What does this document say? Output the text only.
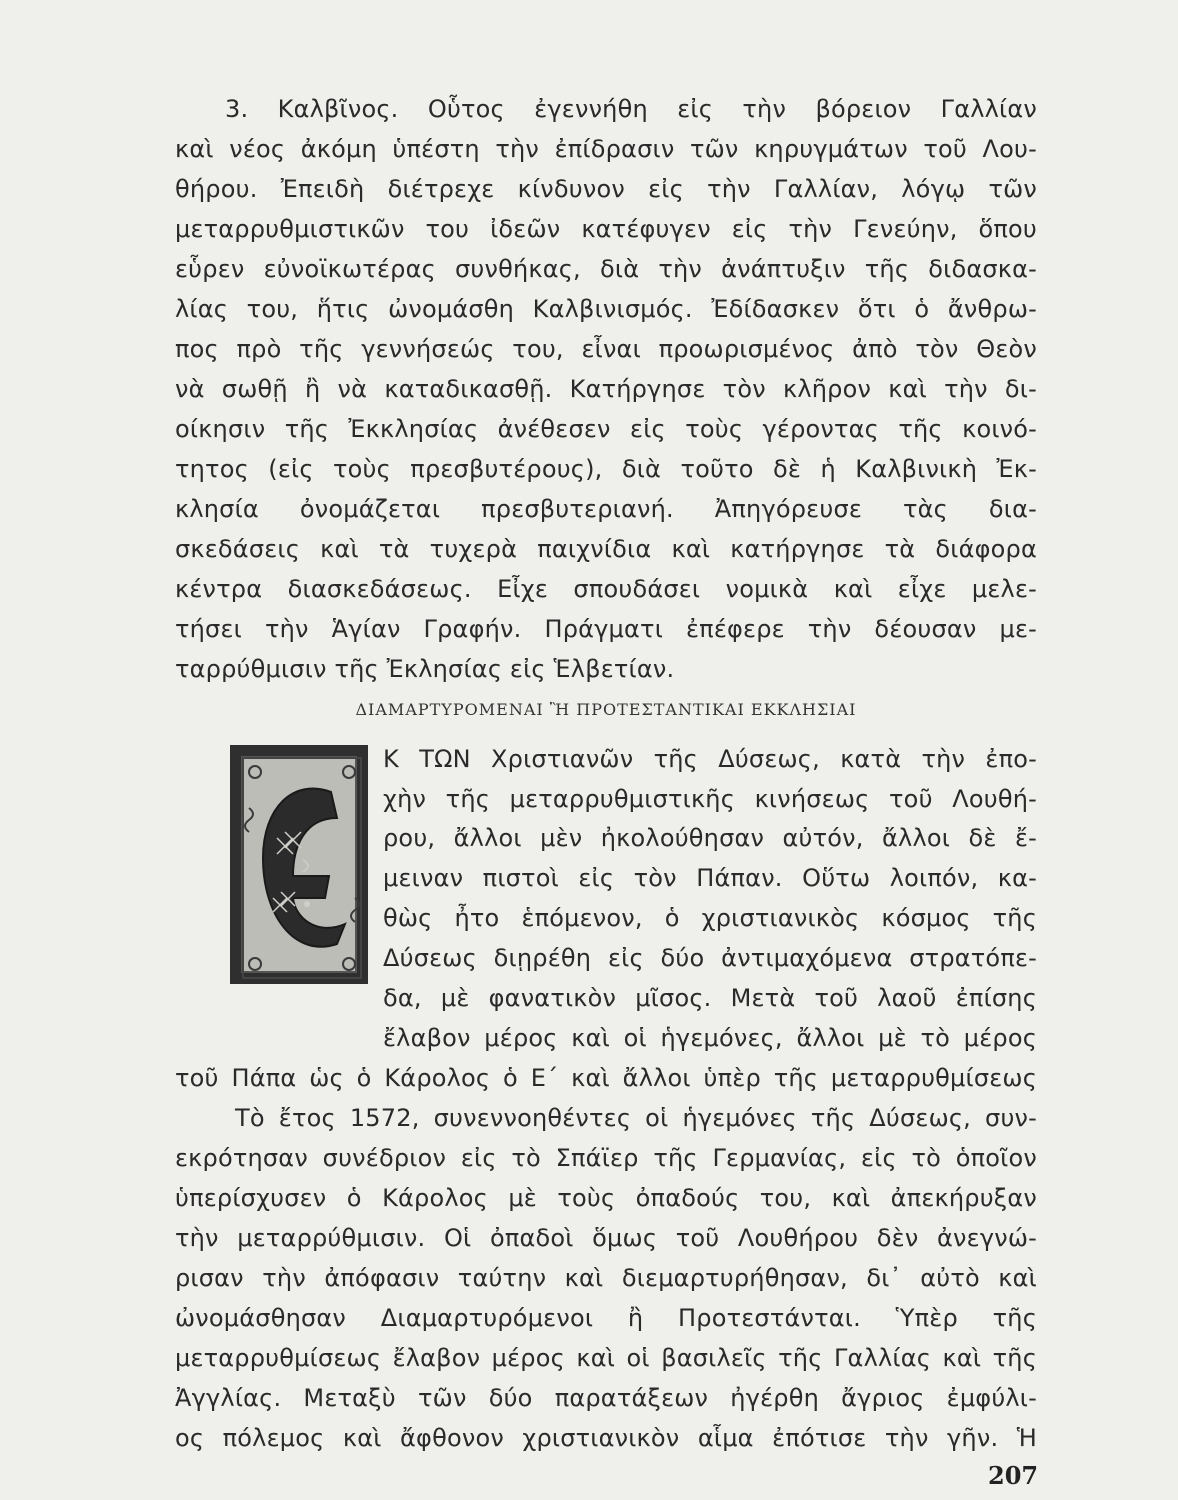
3. Καλβῖνος. Οὗτος ἐγεννήθη εἰς τὴν βόρειον Γαλλίαν
καὶ νέος ἀκόμη ὑπέστη τὴν ἐπίδρασιν τῶν κηρυγμάτων τοῦ Λου-
θήρου. Ἐπειδὴ διέτρεχε κίνδυνον εἰς τὴν Γαλλίαν, λόγῳ τῶν
μεταρρυθμιστικῶν του ἰδεῶν κατέφυγεν εἰς τὴν Γενεύην, ὅπου
εὗρεν εὐνοϊκωτέρας συνθήκας, διὰ τὴν ἀνάπτυξιν τῆς διδασκα-
λίας του, ἥτις ὠνομάσθη Καλβινισμός. Ἐδίδασκεν ὅτι ὁ ἄνθρω-
πος πρὸ τῆς γεννήσεώς του, εἶναι προωρισμένος ἀπὸ τὸν Θεὸν
νὰ σωθῇ ἢ νὰ καταδικασθῇ. Κατήργησε τὸν κλῆρον καὶ τὴν δι-
οίκησιν τῆς Ἐκκλησίας ἀνέθεσεν εἰς τοὺς γέροντας τῆς κοινό-
τητος (εἰς τοὺς πρεσβυτέρους), διὰ τοῦτο δὲ ἡ Καλβινικὴ Ἐκ-
κλησία ὀνομάζεται πρεσβυτεριανή. Ἀπηγόρευσε τὰς δια-
σκεδάσεις καὶ τὰ τυχερὰ παιχνίδια καὶ κατήργησε τὰ διάφορα
κέντρα διασκεδάσεως. Εἶχε σπουδάσει νομικὰ καὶ εἶχε μελε-
τήσει τὴν Ἁγίαν Γραφήν. Πράγματι ἐπέφερε τὴν δέουσαν με-
ταρρύθμισιν τῆς Ἐκλησίας εἰς Ἑλβετίαν.
ΔΙΑΜΑΡΤΥΡΟΜΕΝΑΙ Ἢ ΠΡΟΤΕΣΤΑΝΤΙΚΑΙ ΕΚΚΛΗΣΙΑΙ
Κ ΤΩΝ Χριστιανῶν τῆς Δύσεως, κατὰ τὴν ἐπο-
χὴν τῆς μεταρρυθμιστικῆς κινήσεως τοῦ Λουθή-
ρου, ἄλλοι μὲν ἠκολούθησαν αὐτόν, ἄλλοι δὲ ἔ-
μειναν πιστοὶ εἰς τὸν Πάπαν. Οὕτω λοιπόν, κα-
θὼς ἦτο ἑπόμενον, ὁ χριστιανικὸς κόσμος τῆς
Δύσεως διῃρέθη εἰς δύο ἀντιμαχόμενα στρατόπε-
δα, μὲ φανατικὸν μῖσος. Μετὰ τοῦ λαοῦ ἐπίσης
ἔλαβον μέρος καὶ οἱ ἡγεμόνες, ἄλλοι μὲ τὸ μέρος
τοῦ Πάπα ὡς ὁ Κάρολος ὁ Ε΄ καὶ ἄλλοι ὑπὲρ τῆς μεταρρυθμίσεως
Τὸ ἔτος 1572, συνεννοηθέντες οἱ ἡγεμόνες τῆς Δύσεως, συν-
εκρότησαν συνέδριον εἰς τὸ Σπάϊερ τῆς Γερμανίας, εἰς τὸ ὁποῖον
ὑπερίσχυσεν ὁ Κάρολος μὲ τοὺς ὀπαδούς του, καὶ ἀπεκήρυξαν
τὴν μεταρρύθμισιν. Οἱ ὀπαδοὶ ὅμως τοῦ Λουθήρου δὲν ἀνεγνώ-
ρισαν τὴν ἀπόφασιν ταύτην καὶ διεμαρτυρήθησαν, δι᾽ αὐτὸ καὶ
ὠνομάσθησαν Διαμαρτυρόμενοι ἢ Προτεστάνται. Ὑπὲρ τῆς
μεταρρυθμίσεως ἔλαβον μέρος καὶ οἱ βασιλεῖς τῆς Γαλλίας καὶ τῆς
Ἀγγλίας. Μεταξὺ τῶν δύο παρατάξεων ἠγέρθη ἄγριος ἐμφύλι-
ος πόλεμος καὶ ἄφθονον χριστιανικὸν αἷμα ἐπότισε τὴν γῆν. Ἡ
207
